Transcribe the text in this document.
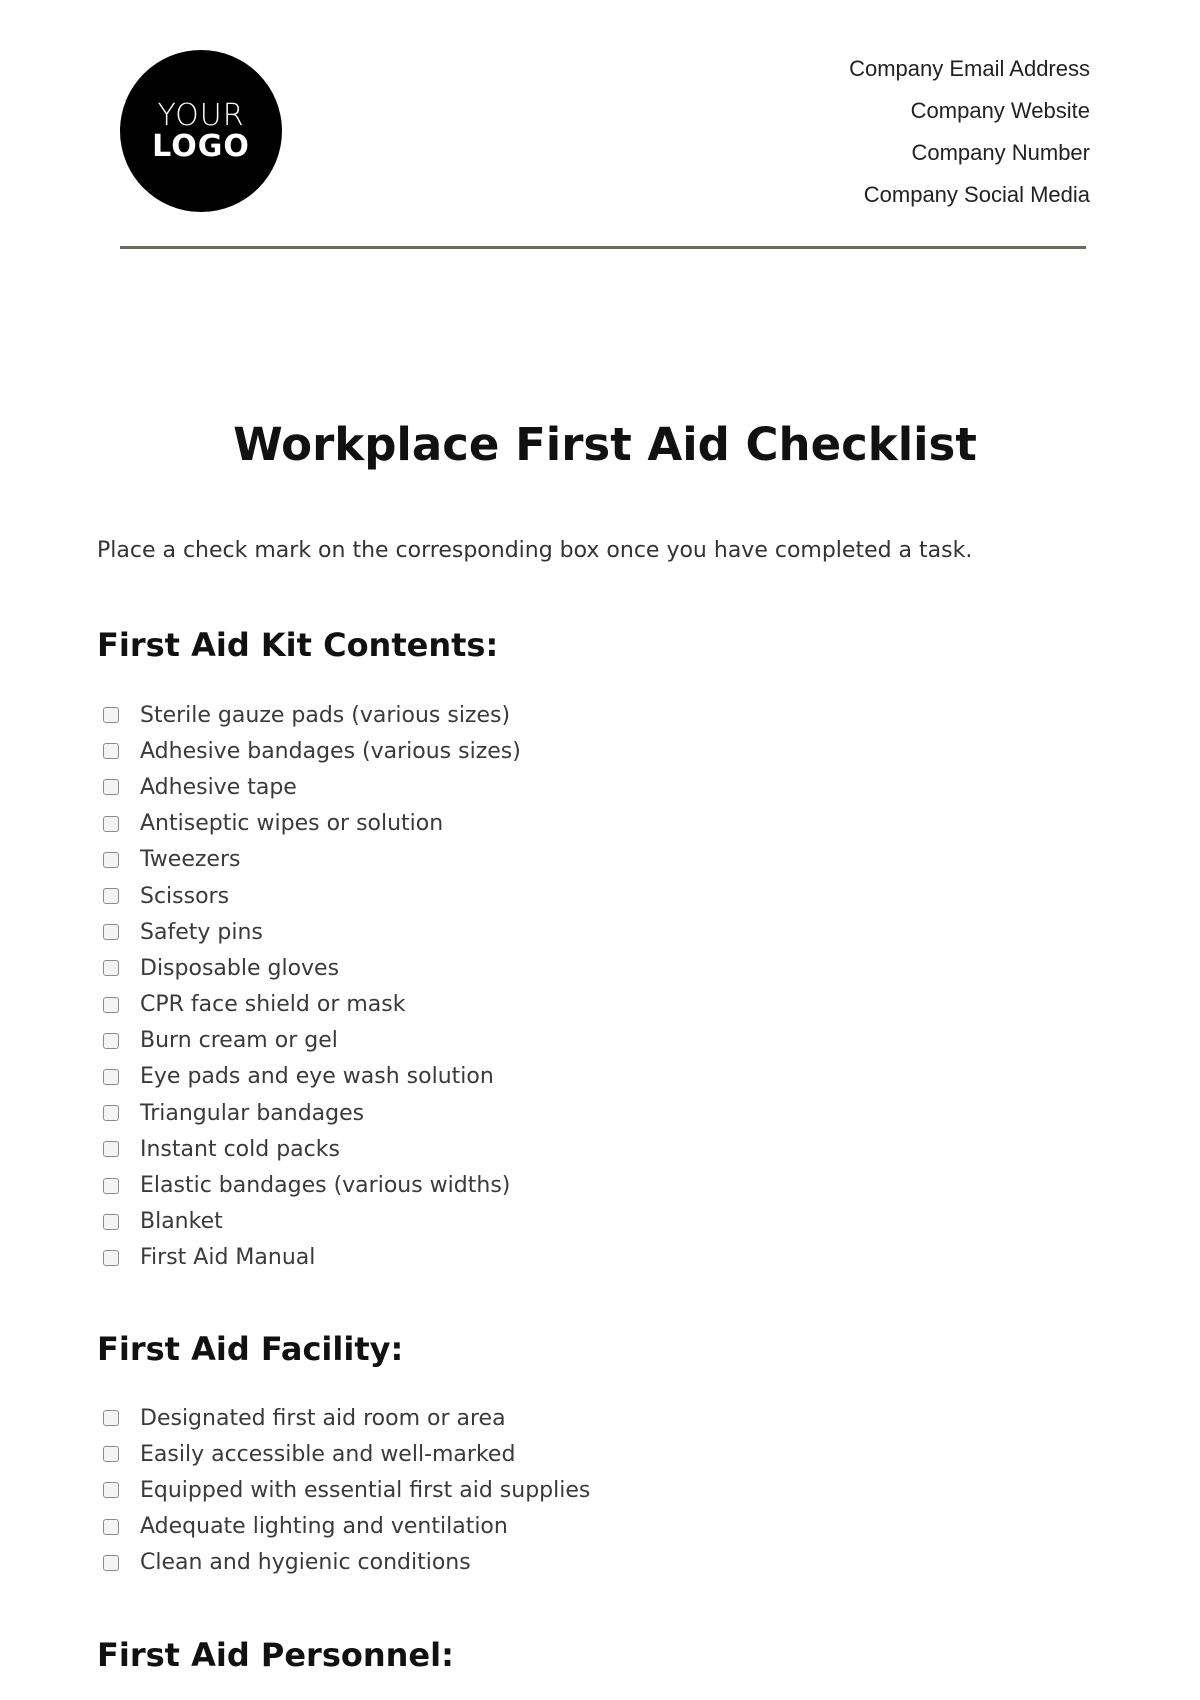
YOUR
LOGO
Company Email Address
Company Website
Company Number
Company Social Media
Workplace First Aid Checklist
Place a check mark on the corresponding box once you have completed a task.
First Aid Kit Contents:
Sterile gauze pads (various sizes)
Adhesive bandages (various sizes)
Adhesive tape
Antiseptic wipes or solution
Tweezers
Scissors
Safety pins
Disposable gloves
CPR face shield or mask
Burn cream or gel
Eye pads and eye wash solution
Triangular bandages
Instant cold packs
Elastic bandages (various widths)
Blanket
First Aid Manual
First Aid Facility:
Designated first aid room or area
Easily accessible and well-marked
Equipped with essential first aid supplies
Adequate lighting and ventilation
Clean and hygienic conditions
First Aid Personnel:
